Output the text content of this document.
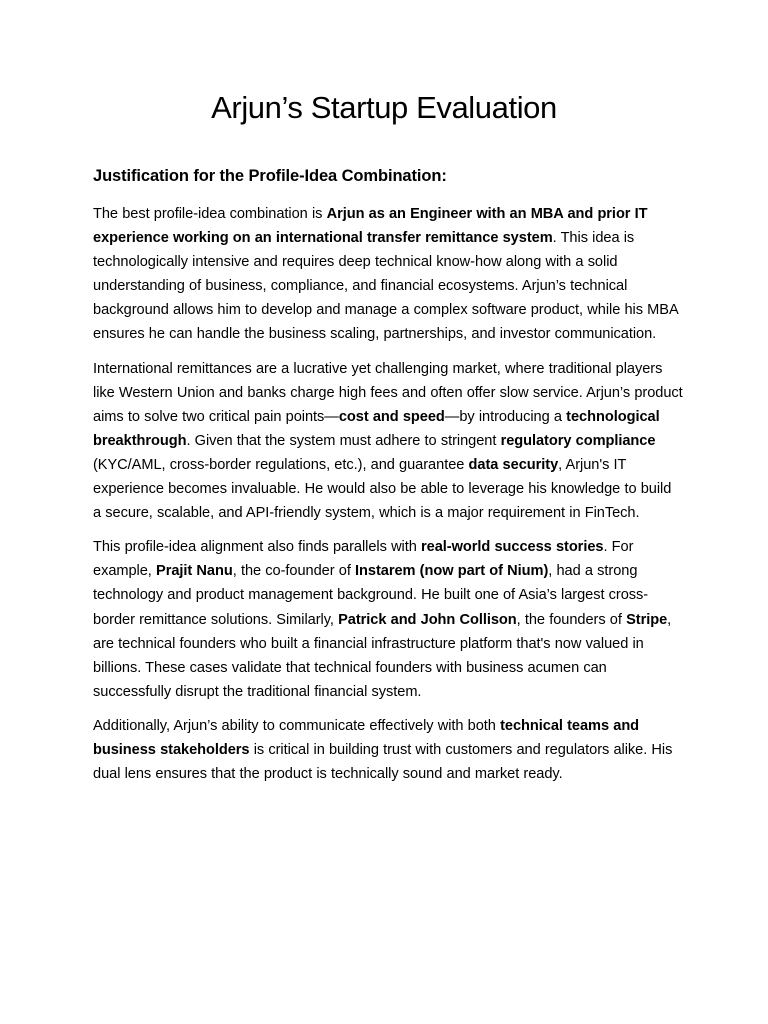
Arjun’s Startup Evaluation
Justification for the Profile-Idea Combination:

The best profile-idea combination is Arjun as an Engineer with an MBA and prior IT experience working on an international transfer remittance system. This idea is technologically intensive and requires deep technical know-how along with a solid understanding of business, compliance, and financial ecosystems. Arjun’s technical background allows him to develop and manage a complex software product, while his MBA ensures he can handle the business scaling, partnerships, and investor communication.

International remittances are a lucrative yet challenging market, where traditional players like Western Union and banks charge high fees and often offer slow service. Arjun’s product aims to solve two critical pain points—cost and speed—by introducing a technological breakthrough. Given that the system must adhere to stringent regulatory compliance (KYC/AML, cross-border regulations, etc.), and guarantee data security, Arjun's IT experience becomes invaluable. He would also be able to leverage his knowledge to build a secure, scalable, and API-friendly system, which is a major requirement in FinTech.

This profile-idea alignment also finds parallels with real-world success stories. For example, Prajit Nanu, the co-founder of Instarem (now part of Nium), had a strong technology and product management background. He built one of Asia’s largest cross-border remittance solutions. Similarly, Patrick and John Collison, the founders of Stripe, are technical founders who built a financial infrastructure platform that's now valued in billions. These cases validate that technical founders with business acumen can successfully disrupt the traditional financial system.

Additionally, Arjun’s ability to communicate effectively with both technical teams and business stakeholders is critical in building trust with customers and regulators alike. His dual lens ensures that the product is technically sound and market ready.
